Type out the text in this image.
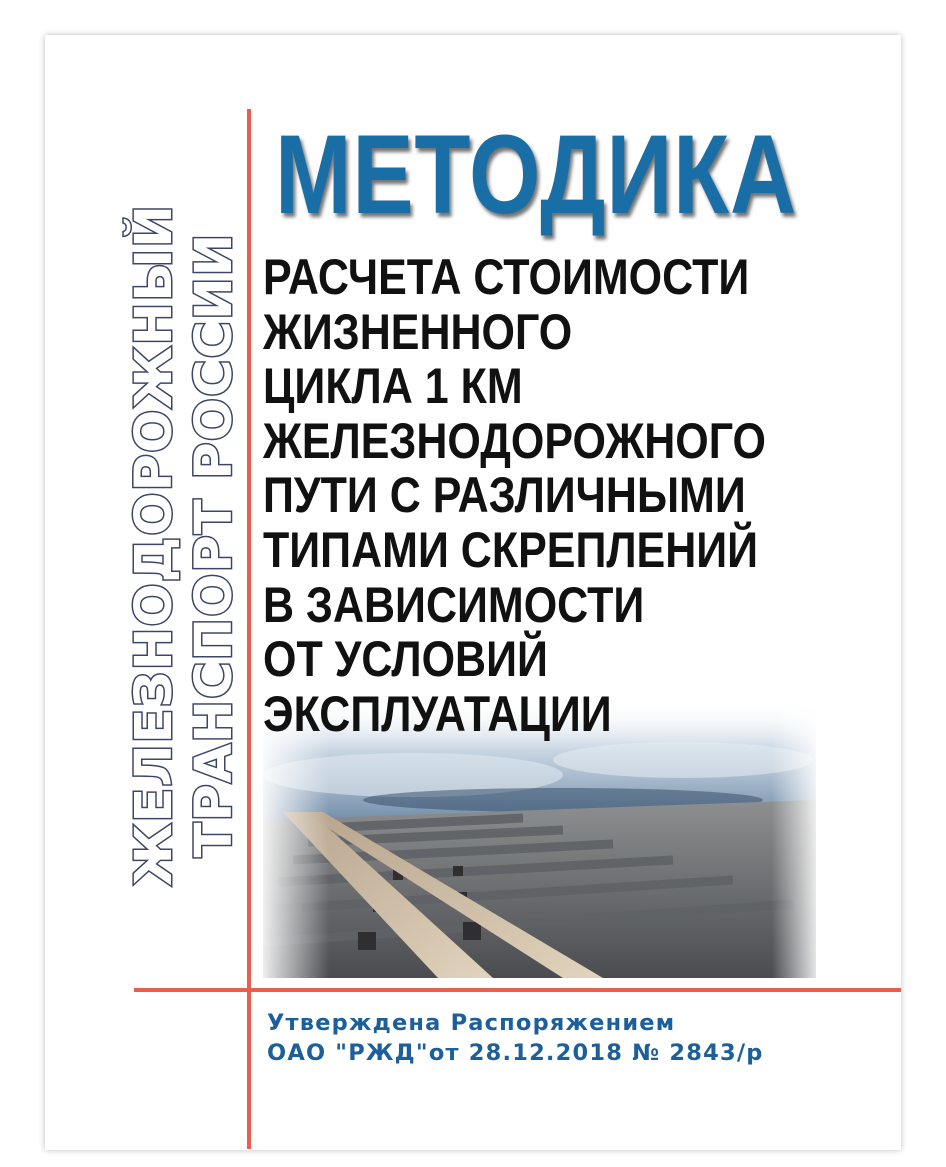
ЖЕЛЕЗНОДОРОЖНЫЙ ТРАНСПОРТ РОССИИ
МЕТОДИКА
РАСЧЕТА СТОИМОСТИ
ЖИЗНЕННОГО
ЦИКЛА 1 КМ
ЖЕЛЕЗНОДОРОЖНОГО
ПУТИ С РАЗЛИЧНЫМИ
ТИПАМИ СКРЕПЛЕНИЙ
В ЗАВИСИМОСТИ
ОТ УСЛОВИЙ
ЭКСПЛУАТАЦИИ
Утверждена Распоряжением
ОАО "РЖД"от 28.12.2018 № 2843/р
